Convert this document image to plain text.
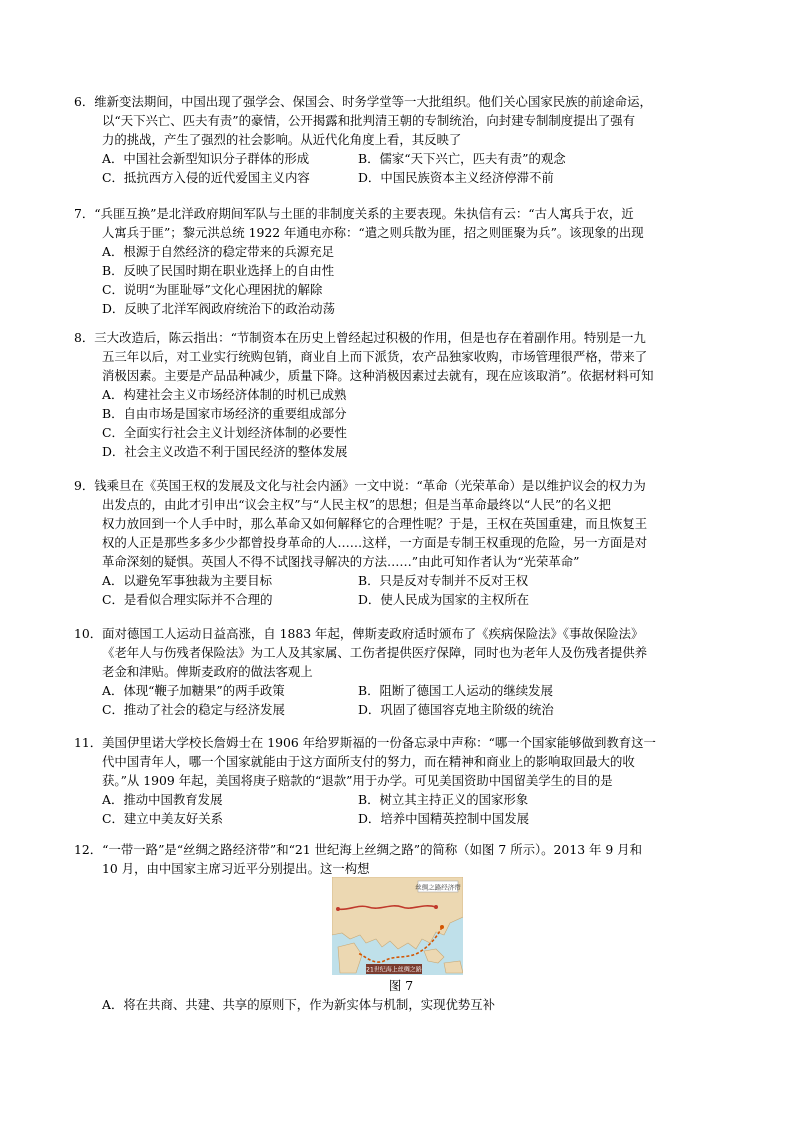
6．维新变法期间，中国出现了强学会、保国会、时务学堂等一大批组织。他们关心国家民族的前途命运，
以“天下兴亡、匹夫有责”的豪情，公开揭露和批判清王朝的专制统治，向封建专制制度提出了强有
力的挑战，产生了强烈的社会影响。从近代化角度上看，其反映了
A．中国社会新型知识分子群体的形成	B．儒家“天下兴亡，匹夫有责”的观念
C．抵抗西方入侵的近代爱国主义内容	D．中国民族资本主义经济停滞不前
7．“兵匪互换”是北洋政府期间军队与土匪的非制度关系的主要表现。朱执信有云：“古人寓兵于农，近
人寓兵于匪”；黎元洪总统 1922 年通电亦称：“遣之则兵散为匪，招之则匪聚为兵”。该现象的出现
A．根源于自然经济的稳定带来的兵源充足
B．反映了民国时期在职业选择上的自由性
C．说明“为匪耻辱”文化心理困扰的解除
D．反映了北洋军阀政府统治下的政治动荡
8．三大改造后，陈云指出：“节制资本在历史上曾经起过积极的作用，但是也存在着副作用。特别是一九
五三年以后，对工业实行统购包销，商业自上而下派货，农产品独家收购，市场管理很严格，带来了
消极因素。主要是产品品种减少，质量下降。这种消极因素过去就有，现在应该取消”。依据材料可知
A．构建社会主义市场经济体制的时机已成熟
B．自由市场是国家市场经济的重要组成部分
C．全面实行社会主义计划经济体制的必要性
D．社会主义改造不利于国民经济的整体发展
9．钱乘旦在《英国王权的发展及文化与社会内涵》一文中说：“革命（光荣革命）是以维护议会的权力为
出发点的，由此才引申出“议会主权”与“人民主权”的思想；但是当革命最终以“人民”的名义把
权力放回到一个人手中时，那么革命又如何解释它的合理性呢？于是，王权在英国重建，而且恢复王
权的人正是那些多多少少都曾投身革命的人……这样，一方面是专制王权重现的危险，另一方面是对
革命深刻的疑惧。英国人不得不试图找寻解决的方法……”由此可知作者认为“光荣革命”
A．以避免军事独裁为主要目标	B．只是反对专制并不反对王权
C．是看似合理实际并不合理的	D．使人民成为国家的主权所在
10．面对德国工人运动日益高涨，自 1883 年起，俾斯麦政府适时颁布了《疾病保险法》《事故保险法》
《老年人与伤残者保险法》为工人及其家属、工伤者提供医疗保障，同时也为老年人及伤残者提供养
老金和津贴。俾斯麦政府的做法客观上
A．体现“鞭子加糖果”的两手政策	B．阻断了德国工人运动的继续发展
C．推动了社会的稳定与经济发展	D．巩固了德国容克地主阶级的统治
11．美国伊里诺大学校长詹姆士在 1906 年给罗斯福的一份备忘录中声称：“哪一个国家能够做到教育这一
代中国青年人，哪一个国家就能由于这方面所支付的努力，而在精神和商业上的影响取回最大的收
获。”从 1909 年起，美国将庚子赔款的“退款”用于办学。可见美国资助中国留美学生的目的是
A．推动中国教育发展	B．树立其主持正义的国家形象
C．建立中美友好关系	D．培养中国精英控制中国发展
12．“一带一路”是“丝绸之路经济带”和“21 世纪海上丝绸之路”的简称（如图 7 所示）。2013 年 9 月和
10 月，由中国家主席习近平分别提出。这一构想
丝绸之路经济带
21世纪海上丝绸之路
图 7
A．将在共商、共建、共享的原则下，作为新实体与机制，实现优势互补
